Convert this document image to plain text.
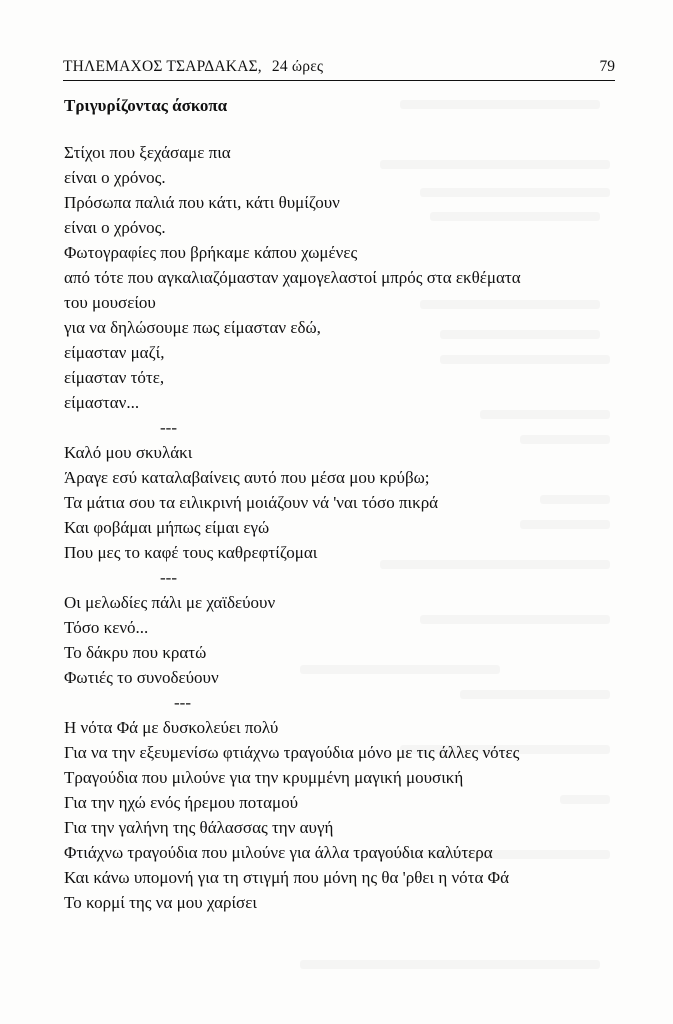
ΤΗΛΕΜΑΧΟΣ ΤΣΑΡΔΑΚΑΣ, 24 ώρες	79
Τριγυρίζοντας άσκοπα
Στίχοι που ξεχάσαμε πια
είναι ο χρόνος.
Πρόσωπα παλιά που κάτι, κάτι θυμίζουν
είναι ο χρόνος.
Φωτογραφίες που βρήκαμε κάπου χωμένες
από τότε που αγκαλιαζόμασταν χαμογελαστοί μπρός στα εκθέματα
του μουσείου
για να δηλώσουμε πως είμασταν εδώ,
είμασταν μαζί,
είμασταν τότε,
είμασταν...
---
Καλό μου σκυλάκι
Άραγε εσύ καταλαβαίνεις αυτό που μέσα μου κρύβω;
Τα μάτια σου τα ειλικρινή μοιάζουν νά 'ναι τόσο πικρά
Και φοβάμαι μήπως είμαι εγώ
Που μες το καφέ τους καθρεφτίζομαι
---
Οι μελωδίες πάλι με χαϊδεύουν
Τόσο κενό...
Το δάκρυ που κρατώ
Φωτιές το συνοδεύουν
---
Η νότα Φά με δυσκολεύει πολύ
Για να την εξευμενίσω φτιάχνω τραγούδια μόνο με τις άλλες νότες
Τραγούδια που μιλούνε για την κρυμμένη μαγική μουσική
Για την ηχώ ενός ήρεμου ποταμού
Για την γαλήνη της θάλασσας την αυγή
Φτιάχνω τραγούδια που μιλούνε για άλλα τραγούδια καλύτερα
Και κάνω υπομονή για τη στιγμή που μόνη ης θα 'ρθει η νότα Φά
Το κορμί της να μου χαρίσει
